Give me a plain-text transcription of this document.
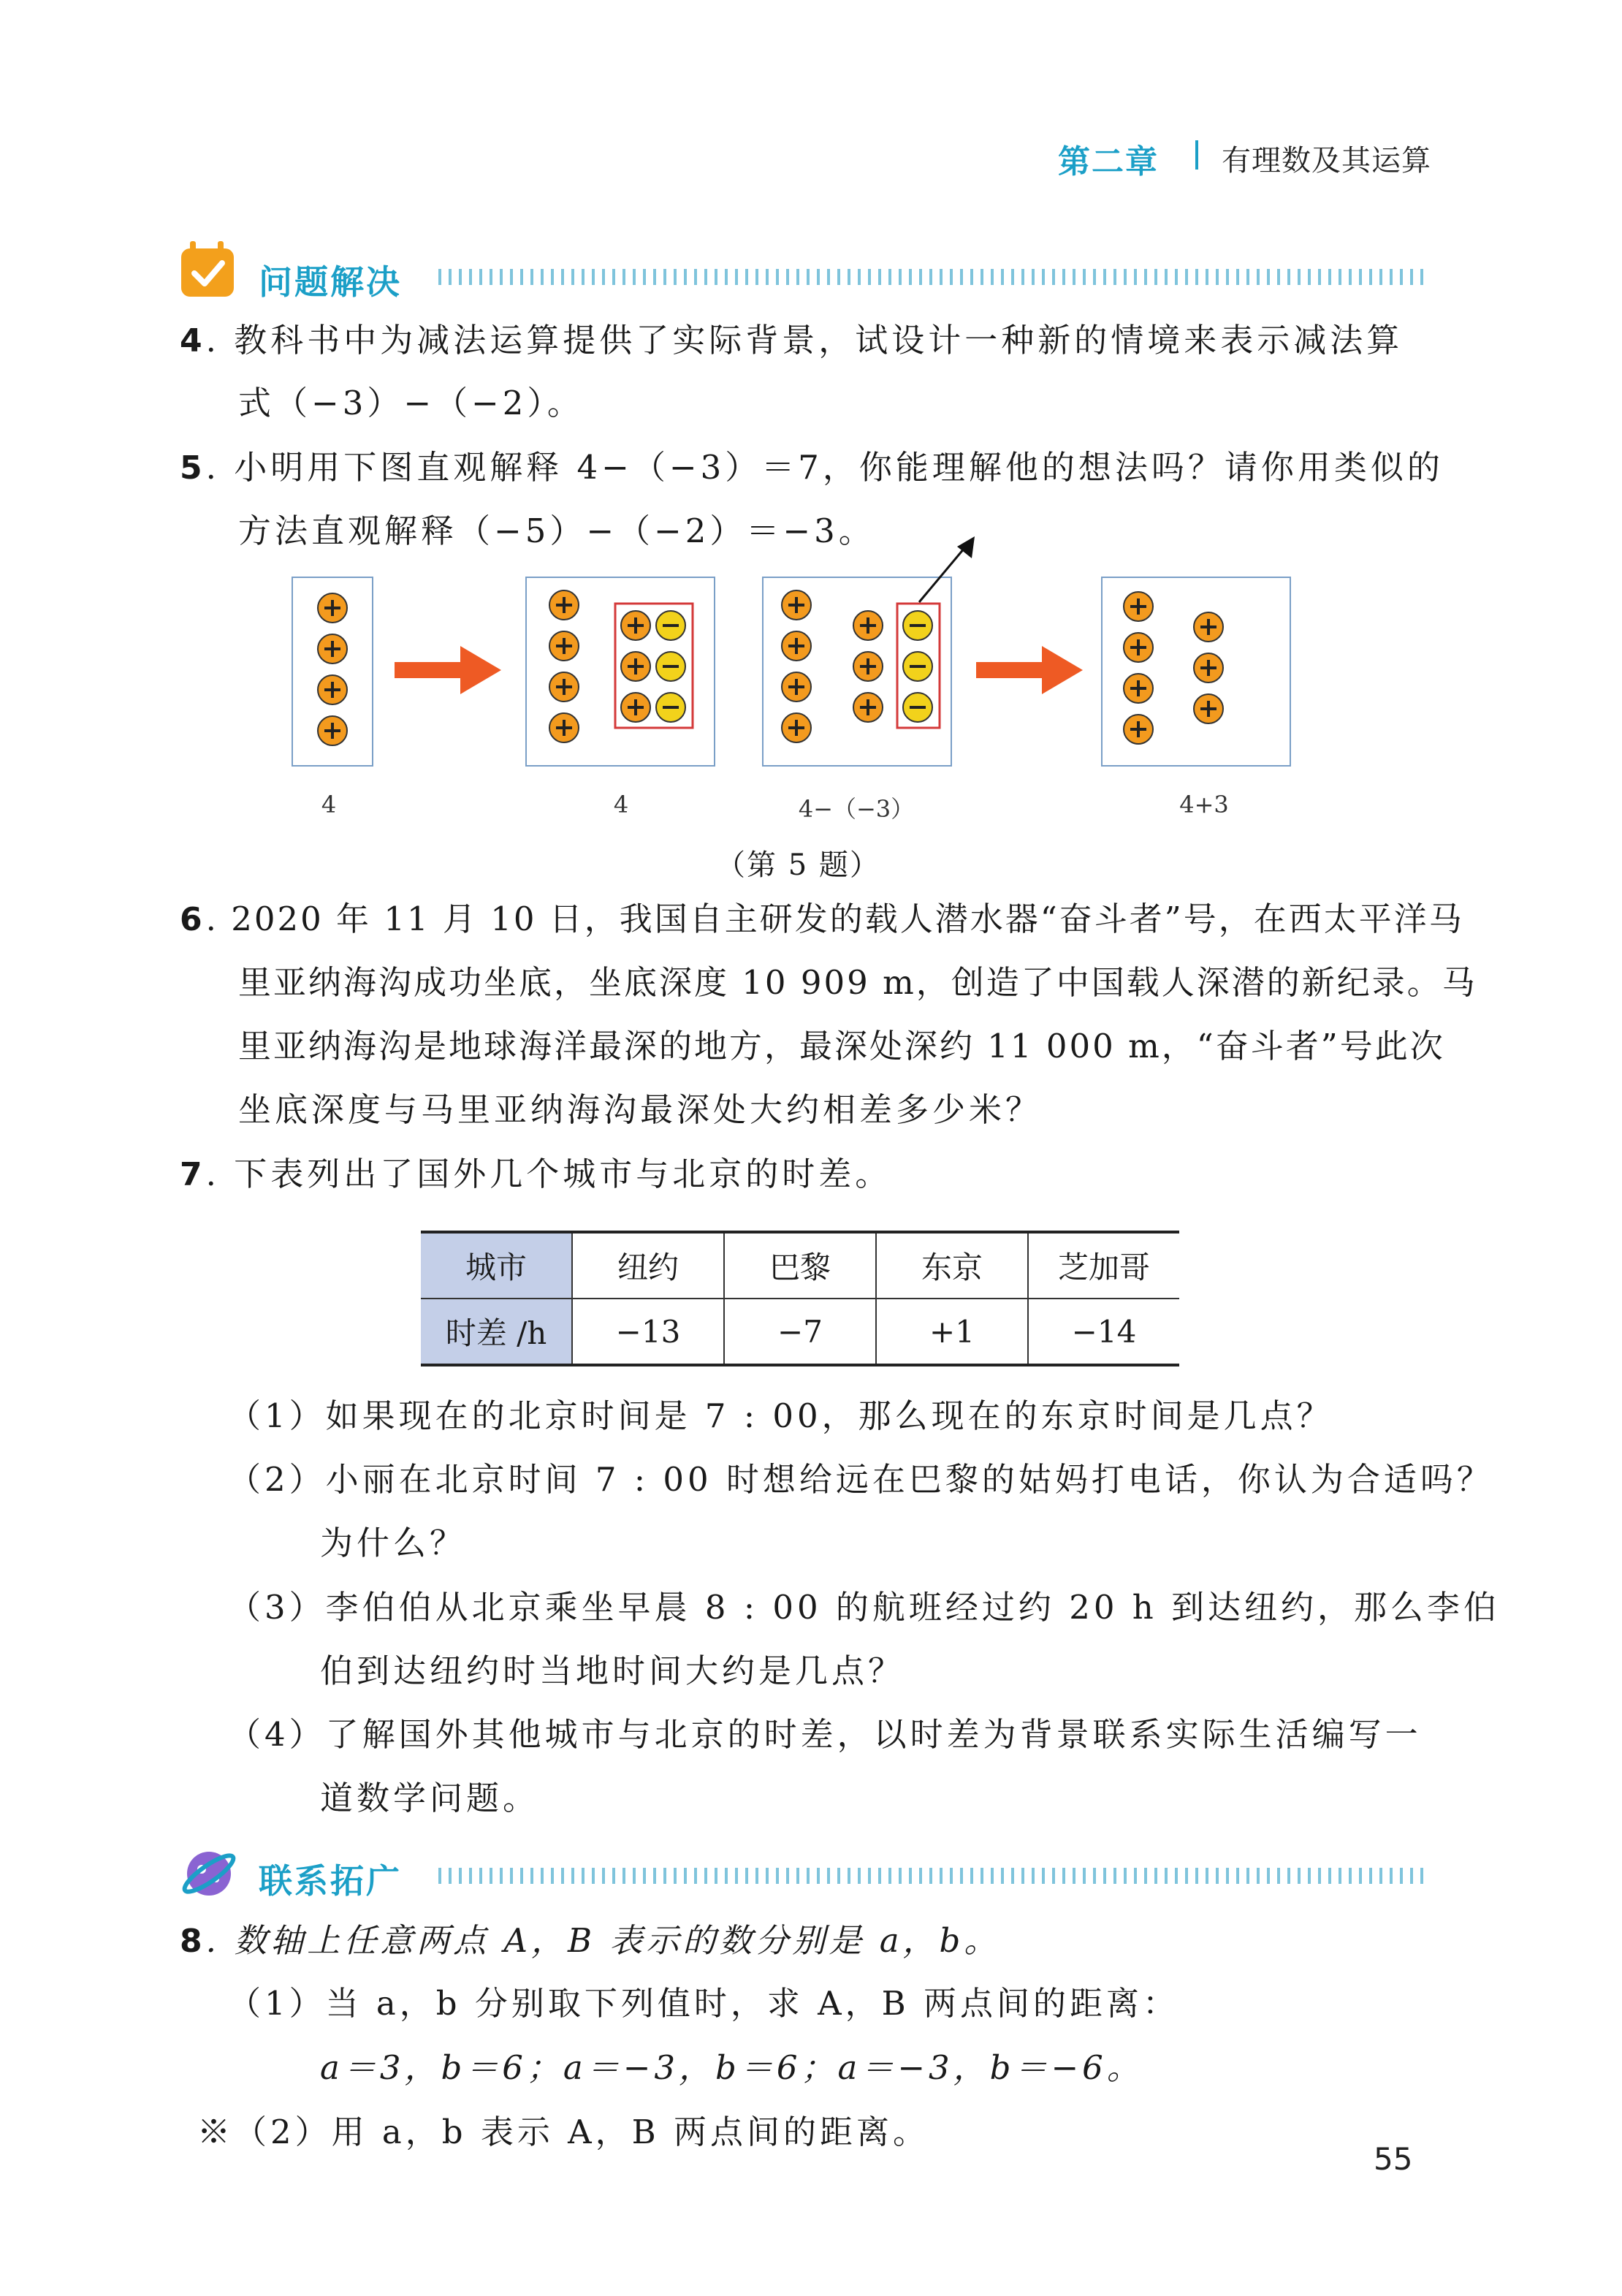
第二章 有理数及其运算
问题解决
4. 教科书中为减法运算提供了实际背景，试设计一种新的情境来表示减法算
式（−3）−（−2）。
5. 小明用下图直观解释 4−（−3）＝7，你能理解他的想法吗？请你用类似的
方法直观解释（−5）−（−2）＝−3。
4	4	4−（−3）	4+3
（第 5 题）
6. 2020 年 11 月 10 日，我国自主研发的载人潜水器“奋斗者”号，在西太平洋马
里亚纳海沟成功坐底，坐底深度 10 909 m，创造了中国载人深潜的新纪录。马
里亚纳海沟是地球海洋最深的地方，最深处深约 11 000 m，“奋斗者”号此次
坐底深度与马里亚纳海沟最深处大约相差多少米？
7. 下表列出了国外几个城市与北京的时差。
城市	纽约	巴黎	东京	芝加哥
时差 /h	−13	−7	+1	−14
（1）如果现在的北京时间是 7 : 00，那么现在的东京时间是几点？
（2）小丽在北京时间 7 : 00 时想给远在巴黎的姑妈打电话，你认为合适吗？
为什么？
（3）李伯伯从北京乘坐早晨 8 : 00 的航班经过约 20 h 到达纽约，那么李伯
伯到达纽约时当地时间大约是几点？
（4）了解国外其他城市与北京的时差，以时差为背景联系实际生活编写一
道数学问题。
联系拓广
8. 数轴上任意两点 A，B 表示的数分别是 a，b。
（1）当 a，b 分别取下列值时，求 A，B 两点间的距离：
a＝3，b＝6；a＝−3，b＝6；a＝−3，b＝−6。
※（2）用 a，b 表示 A，B 两点间的距离。
55
